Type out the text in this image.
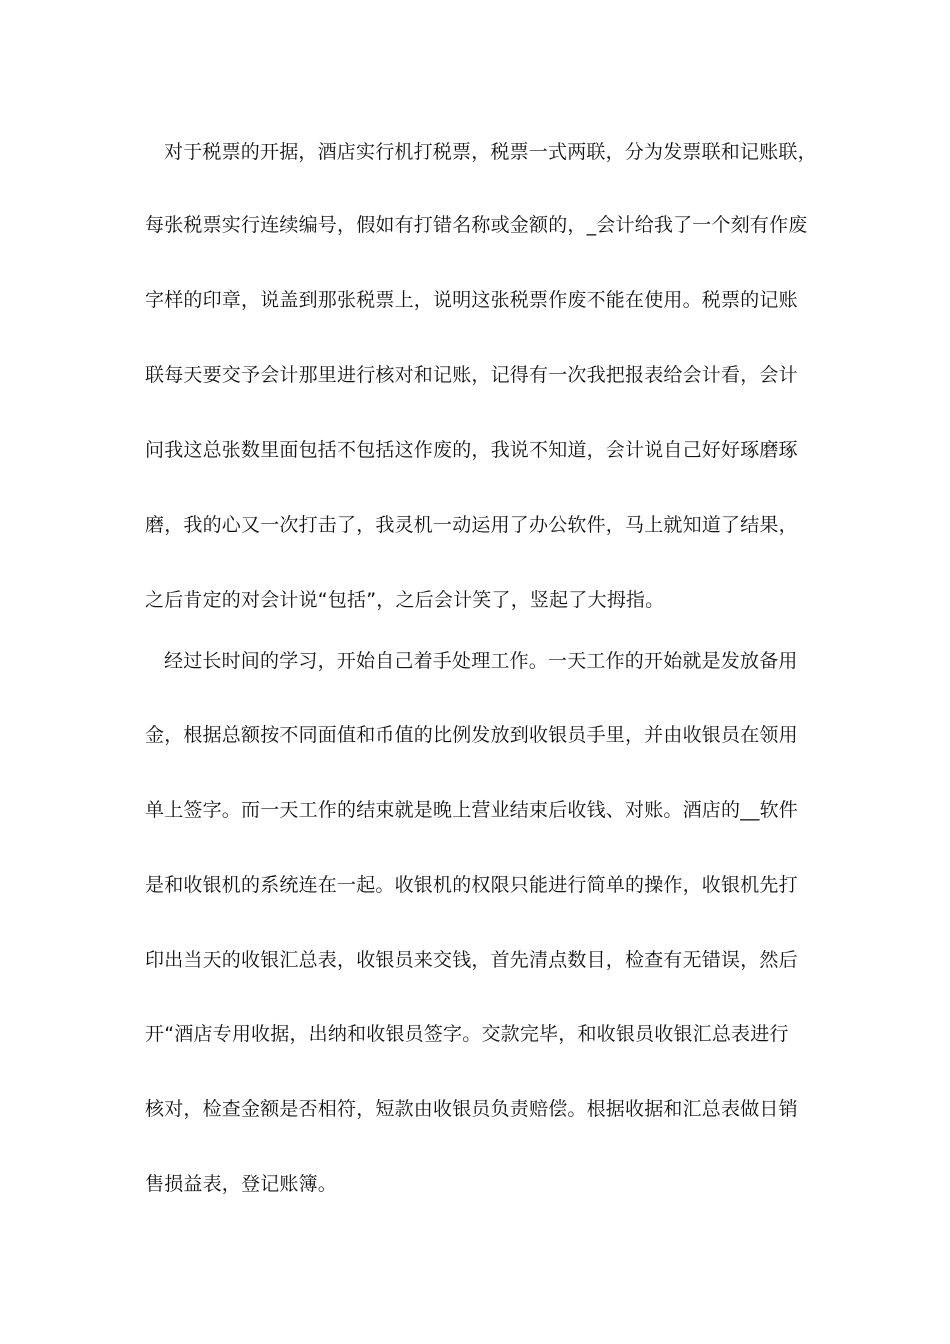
对于税票的开据，酒店实行机打税票，税票一式两联，分为发票联和记账联，
每张税票实行连续编号，假如有打错名称或金额的，_会计给我了一个刻有作废
字样的印章，说盖到那张税票上，说明这张税票作废不能在使用。税票的记账
联每天要交予会计那里进行核对和记账，记得有一次我把报表给会计看，会计
问我这总张数里面包括不包括这作废的，我说不知道，会计说自己好好琢磨琢
磨，我的心又一次打击了，我灵机一动运用了办公软件，马上就知道了结果，
之后肯定的对会计说“包括”，之后会计笑了，竖起了大拇指。
经过长时间的学习，开始自己着手处理工作。一天工作的开始就是发放备用
金，根据总额按不同面值和币值的比例发放到收银员手里，并由收银员在领用
单上签字。而一天工作的结束就是晚上营业结束后收钱、对账。酒店的__软件
是和收银机的系统连在一起。收银机的权限只能进行简单的操作，收银机先打
印出当天的收银汇总表，收银员来交钱，首先清点数目，检查有无错误，然后
开“酒店专用收据，出纳和收银员签字。交款完毕，和收银员收银汇总表进行
核对，检查金额是否相符，短款由收银员负责赔偿。根据收据和汇总表做日销
售损益表，登记账簿。
